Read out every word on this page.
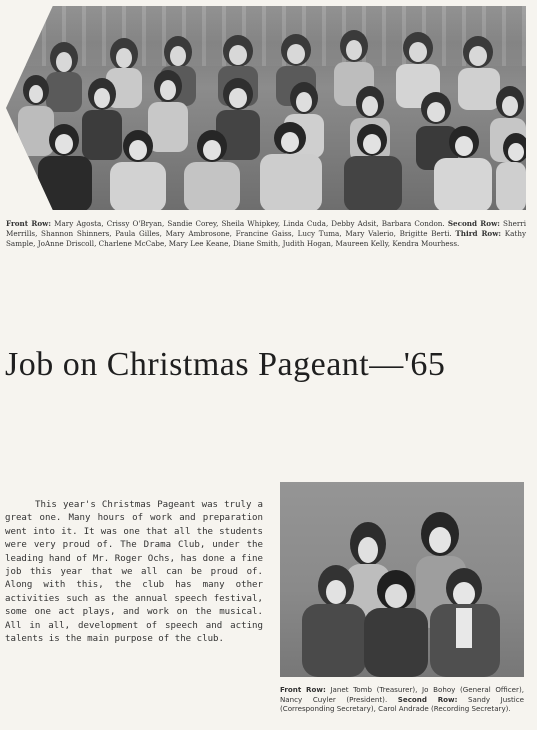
Front Row: Mary Agosta, Crissy O'Bryan, Sandie Corey, Sheila Whipkey, Linda Cuda, Debby Adsit, Barbara Condon. Second Row: Sherri Merrills, Shannon Shinners, Paula Gilles, Mary Ambrosone, Francine Gaiss, Lucy Tuma, Mary Valerio, Brigitte Berti. Third Row: Kathy Sample, JoAnne Driscoll, Charlene McCabe, Mary Lee Keane, Diane Smith, Judith Hogan, Maureen Kelly, Kendra Mourhess.
Job on Christmas Pageant—'65
This year's Christmas Pageant was truly a great one. Many hours of work and preparation went into it. It was one that all the students were very proud of. The Drama Club, under the leading hand of Mr. Roger Ochs, has done a fine job this year that we all can be proud of. Along with this, the club has many other activities such as the annual speech festival, some one act plays, and work on the musical. All in all, development of speech and acting talents is the main purpose of the club.
Front Row: Janet Tomb (Treasurer), Jo Bohoy (General Officer), Nancy Cuyler (President). Second Row: Sandy Justice (Corresponding Secretary), Carol Andrade (Recording Secretary).
